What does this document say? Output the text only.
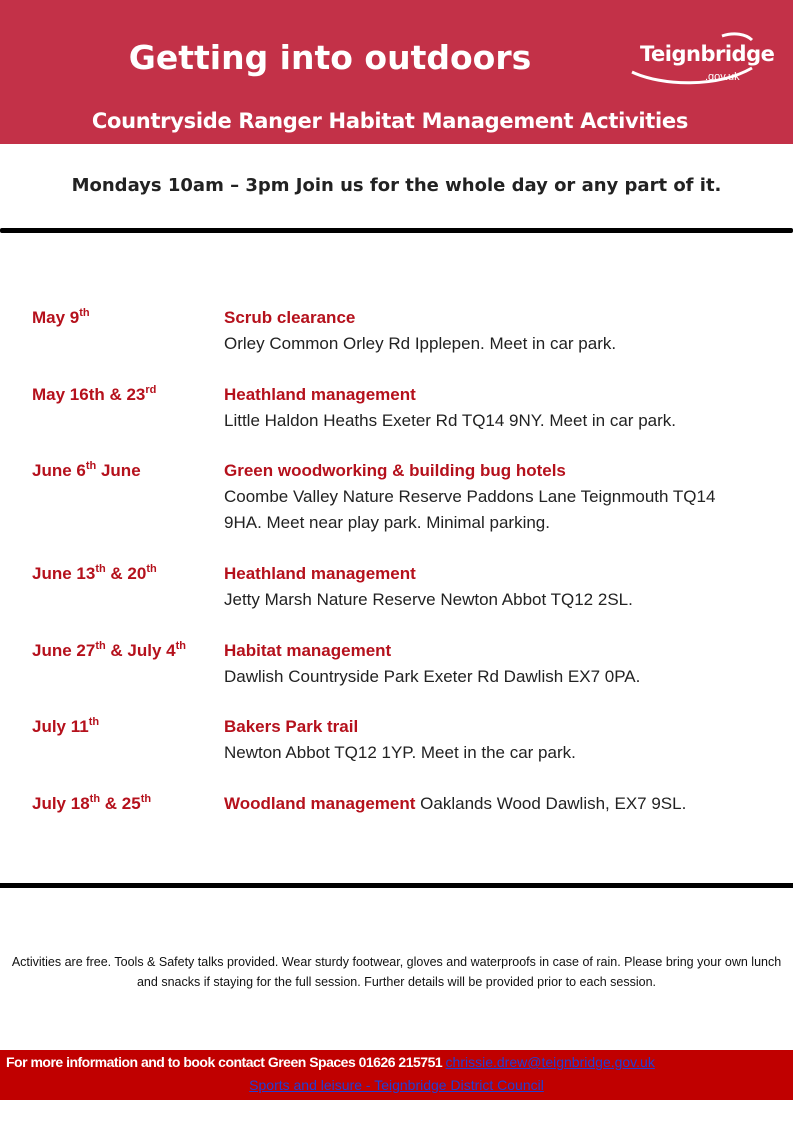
Getting into outdoors	Teignbridge
.gov.uk
Countryside Ranger Habitat Management Activities
Mondays 10am – 3pm Join us for the whole day or any part of it.
May 9th	Scrub clearance
Orley Common Orley Rd Ipplepen. Meet in car park.
May 16th & 23rd	Heathland management
Little Haldon Heaths Exeter Rd TQ14 9NY. Meet in car park.
June 6th June	Green woodworking & building bug hotels
Coombe Valley Nature Reserve Paddons Lane Teignmouth TQ14 9HA. Meet near play park. Minimal parking.
June 13th & 20th	Heathland management
Jetty Marsh Nature Reserve Newton Abbot TQ12 2SL.
June 27th & July 4th	Habitat management
Dawlish Countryside Park Exeter Rd Dawlish EX7 0PA.
July 11th	Bakers Park trail
Newton Abbot TQ12 1YP. Meet in the car park.
July 18th & 25th	Woodland management Oaklands Wood Dawlish, EX7 9SL.
Activities are free. Tools & Safety talks provided. Wear sturdy footwear, gloves and waterproofs in case of rain. Please bring your own lunch and snacks if staying for the full session. Further details will be provided prior to each session.
For more information and to book contact Green Spaces 01626 215751 chrissie.drew@teignbridge.gov.uk
Sports and leisure - Teignbridge District Council
